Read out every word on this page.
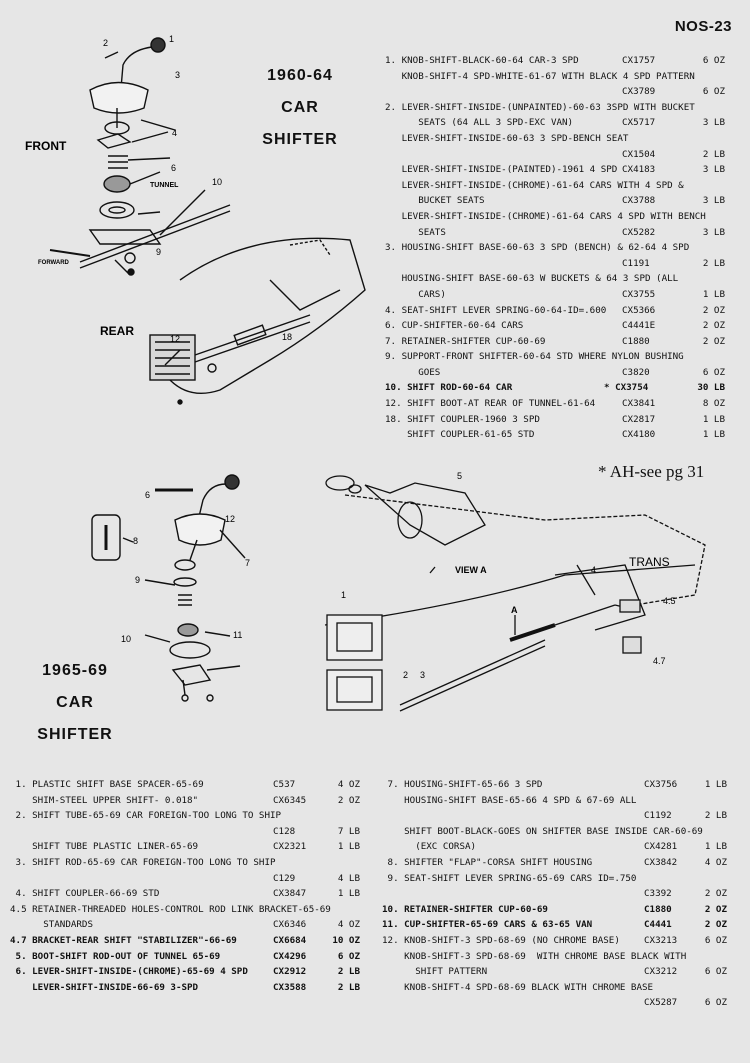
NOS-23
2	1
3
4
6
10
9
12	18
FRONT
TUNNEL
FORWARD
REAR
1960-64
CAR
SHIFTER
1. KNOB-SHIFT-BLACK-60-64 CAR-3 SPD	CX1757	6 OZ
KNOB-SHIFT-4 SPD-WHITE-61-67 WITH BLACK 4 SPD PATTERN
CX3789	6 OZ
2. LEVER-SHIFT-INSIDE-(UNPAINTED)-60-63 3SPD WITH BUCKET
SEATS (64 ALL 3 SPD-EXC VAN)	CX5717	3 LB
LEVER-SHIFT-INSIDE-60-63 3 SPD-BENCH SEAT
CX1504	2 LB
LEVER-SHIFT-INSIDE-(PAINTED)-1961 4 SPD CX4183	3 LB
LEVER-SHIFT-INSIDE-(CHROME)-61-64 CARS WITH 4 SPD &
BUCKET SEATS	CX3788	3 LB
LEVER-SHIFT-INSIDE-(CHROME)-61-64 CARS 4 SPD WITH BENCH
SEATS	CX5282	3 LB
3. HOUSING-SHIFT BASE-60-63 3 SPD (BENCH) & 62-64 4 SPD
C1191	2 LB
HOUSING-SHIFT BASE-60-63 W BUCKETS & 64 3 SPD (ALL
CARS)	CX3755	1 LB
4. SEAT-SHIFT LEVER SPRING-60-64-ID=.600 CX5366	2 OZ
6. CUP-SHIFTER-60-64 CARS	C4441E	2 OZ
7. RETAINER-SHIFTER CUP-60-69	C1880	2 OZ
9. SUPPORT-FRONT SHIFTER-60-64 STD WHERE NYLON BUSHING
GOES	C3820	6 OZ
10. SHIFT ROD-60-64 CAR	* CX3754	30 LB
12. SHIFT BOOT-AT REAR OF TUNNEL-61-64	CX3841	8 OZ
18. SHIFT COUPLER-1960 3 SPD	CX2817	1 LB
SHIFT COUPLER-61-65 STD	CX4180	1 LB
* AH-see pg 31
12
6
8
7
9
10	11
VIEW A
TRANS
5
1
2 3
4
4.5
4.7
A
1965-69
CAR
SHIFTER
1. PLASTIC SHIFT BASE SPACER-65-69	C537	4 OZ
SHIM-STEEL UPPER SHIFT- 0.018"	CX6345	2 OZ
2. SHIFT TUBE-65-69 CAR FOREIGN-TOO LONG TO SHIP
C128	7 LB
SHIFT TUBE PLASTIC LINER-65-69	CX2321	1 LB
3. SHIFT ROD-65-69 CAR FOREIGN-TOO LONG TO SHIP
C129	4 LB
4. SHIFT COUPLER-66-69 STD	CX3847	1 LB
4.5 RETAINER-THREADED HOLES-CONTROL ROD LINK BRACKET-65-69
STANDARDS	CX6346	4 OZ
4.7 BRACKET-REAR SHIFT "STABILIZER"-66-69	CX6684	10 OZ
5. BOOT-SHIFT ROD-OUT OF TUNNEL 65-69	CX4296	6 OZ
6. LEVER-SHIFT-INSIDE-(CHROME)-65-69 4 SPD	CX2912	2 LB
LEVER-SHIFT-INSIDE-66-69 3-SPD	CX3588	2 LB
7. HOUSING-SHIFT-65-66 3 SPD	CX3756	1 LB
HOUSING-SHIFT BASE-65-66 4 SPD & 67-69 ALL
C1192	2 LB
SHIFT BOOT-BLACK-GOES ON SHIFTER BASE INSIDE CAR-60-69
(EXC CORSA)	CX4281	1 LB
8. SHIFTER "FLAP"-CORSA SHIFT HOUSING	CX3842	4 OZ
9. SEAT-SHIFT LEVER SPRING-65-69 CARS ID=.750
C3392	2 OZ
10. RETAINER-SHIFTER CUP-60-69	C1880	2 OZ
11. CUP-SHIFTER-65-69 CARS & 63-65 VAN	C4441	2 OZ
12. KNOB-SHIFT-3 SPD-68-69 (NO CHROME BASE)	CX3213	6 OZ
KNOB-SHIFT-3 SPD-68-69  WITH CHROME BASE BLACK WITH
SHIFT PATTERN	CX3212	6 OZ
KNOB-SHIFT-4 SPD-68-69 BLACK WITH CHROME BASE
CX5287	6 OZ
